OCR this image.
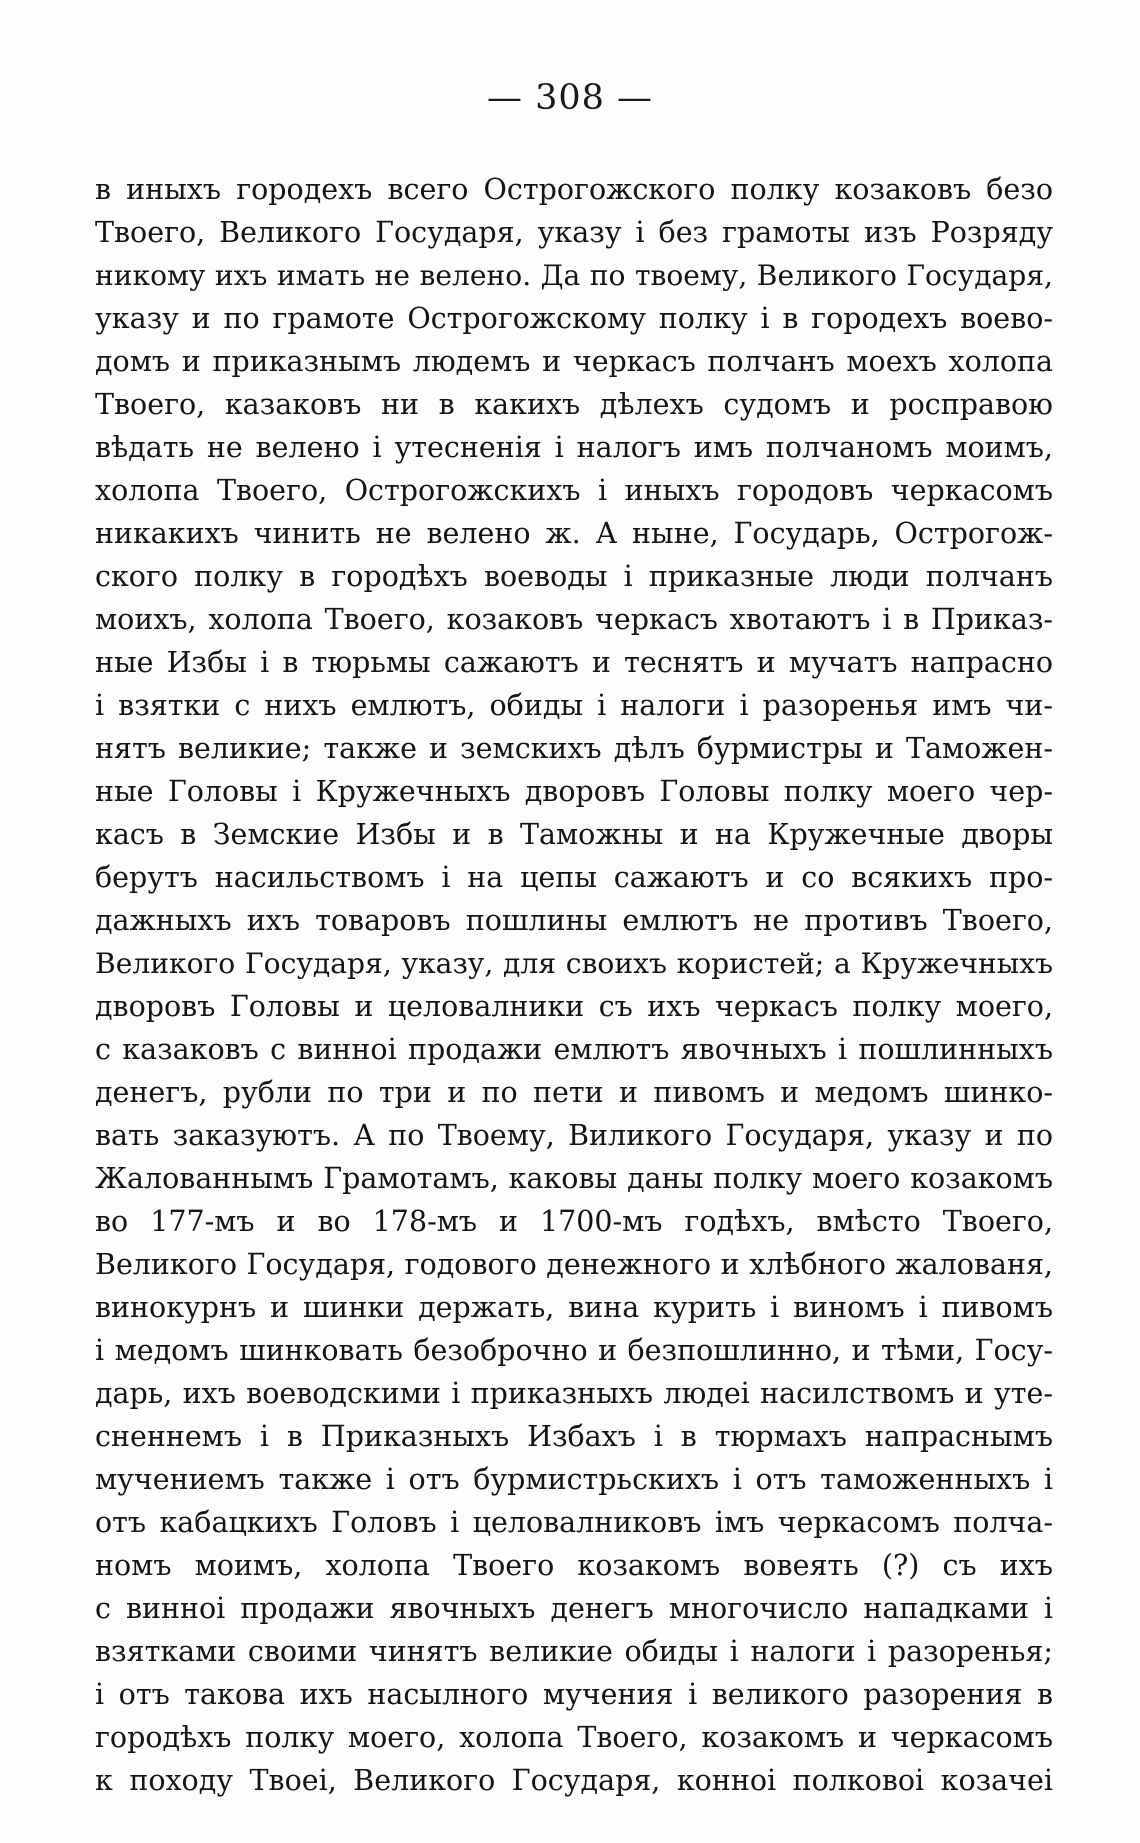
— 308 —
в иныхъ городехъ всего Острогожского полку козаковъ безо
Твоего, Великого Государя, указу і без грамоты изъ Розряду
никому ихъ имать не велено. Да по твоему, Великого Государя,
указу и по грамоте Острогожскому полку і в городехъ воево-
домъ и приказнымъ людемъ и черкасъ полчанъ моехъ холопа
Твоего, казаковъ ни в какихъ дѣлехъ судомъ и росправою
вѣдать не велено і утесненія і налогъ имъ полчаномъ моимъ,
холопа Твоего, Острогожскихъ і иныхъ городовъ черкасомъ
никакихъ чинить не велено ж. А ныне, Государь, Острогож-
ского полку в городѣхъ воеводы і приказные люди полчанъ
моихъ, холопа Твоего, козаковъ черкасъ хвотаютъ і в Приказ-
ные Избы і в тюрьмы сажаютъ и теснятъ и мучатъ напрасно
і взятки с нихъ емлютъ, обиды і налоги і разоренья имъ чи-
нятъ великие; также и земскихъ дѣлъ бурмистры и Таможен-
ные Головы і Кружечныхъ дворовъ Головы полку моего чер-
касъ в Земские Избы и в Таможны и на Кружечные дворы
берутъ насильствомъ і на цепы сажаютъ и со всякихъ про-
дажныхъ ихъ товаровъ пошлины емлютъ не противъ Твоего,
Великого Государя, указу, для своихъ користей; а Кружечныхъ
дворовъ Головы и целовалники съ ихъ черкасъ полку моего,
с казаковъ с винноі продажи емлютъ явочныхъ і пошлинныхъ
денегъ, рубли по три и по пети и пивомъ и медомъ шинко-
вать заказуютъ. А по Твоему, Виликого Государя, указу и по
Жалованнымъ Грамотамъ, каковы даны полку моего козакомъ
во 177-мъ и во 178-мъ и 1700-мъ годѣхъ, вмѣсто Твоего,
Великого Государя, годового денежного и хлѣбного жалованя,
винокурнъ и шинки держать, вина курить і виномъ і пивомъ
і медомъ шинковать безоброчно и безпошлинно, и тѣми, Госу-
дарь, ихъ воеводскими і приказныхъ людеі насилствомъ и уте-
сненнемъ і в Приказныхъ Избахъ і в тюрмахъ напраснымъ
мучениемъ также і отъ бурмистрьскихъ і отъ таможенныхъ і
отъ кабацкихъ Головъ і целовалниковъ імъ черкасомъ полча-
номъ моимъ, холопа Твоего козакомъ вовеять (?) съ ихъ
с винноі продажи явочныхъ денегъ многочисло нападками і
взятками своими чинятъ великие обиды і налоги і разоренья;
і отъ такова ихъ насылного мучения і великого разорения в
городѣхъ полку моего, холопа Твоего, козакомъ и черкасомъ
к походу Твоеі, Великого Государя, конноі полковоі козачеі
